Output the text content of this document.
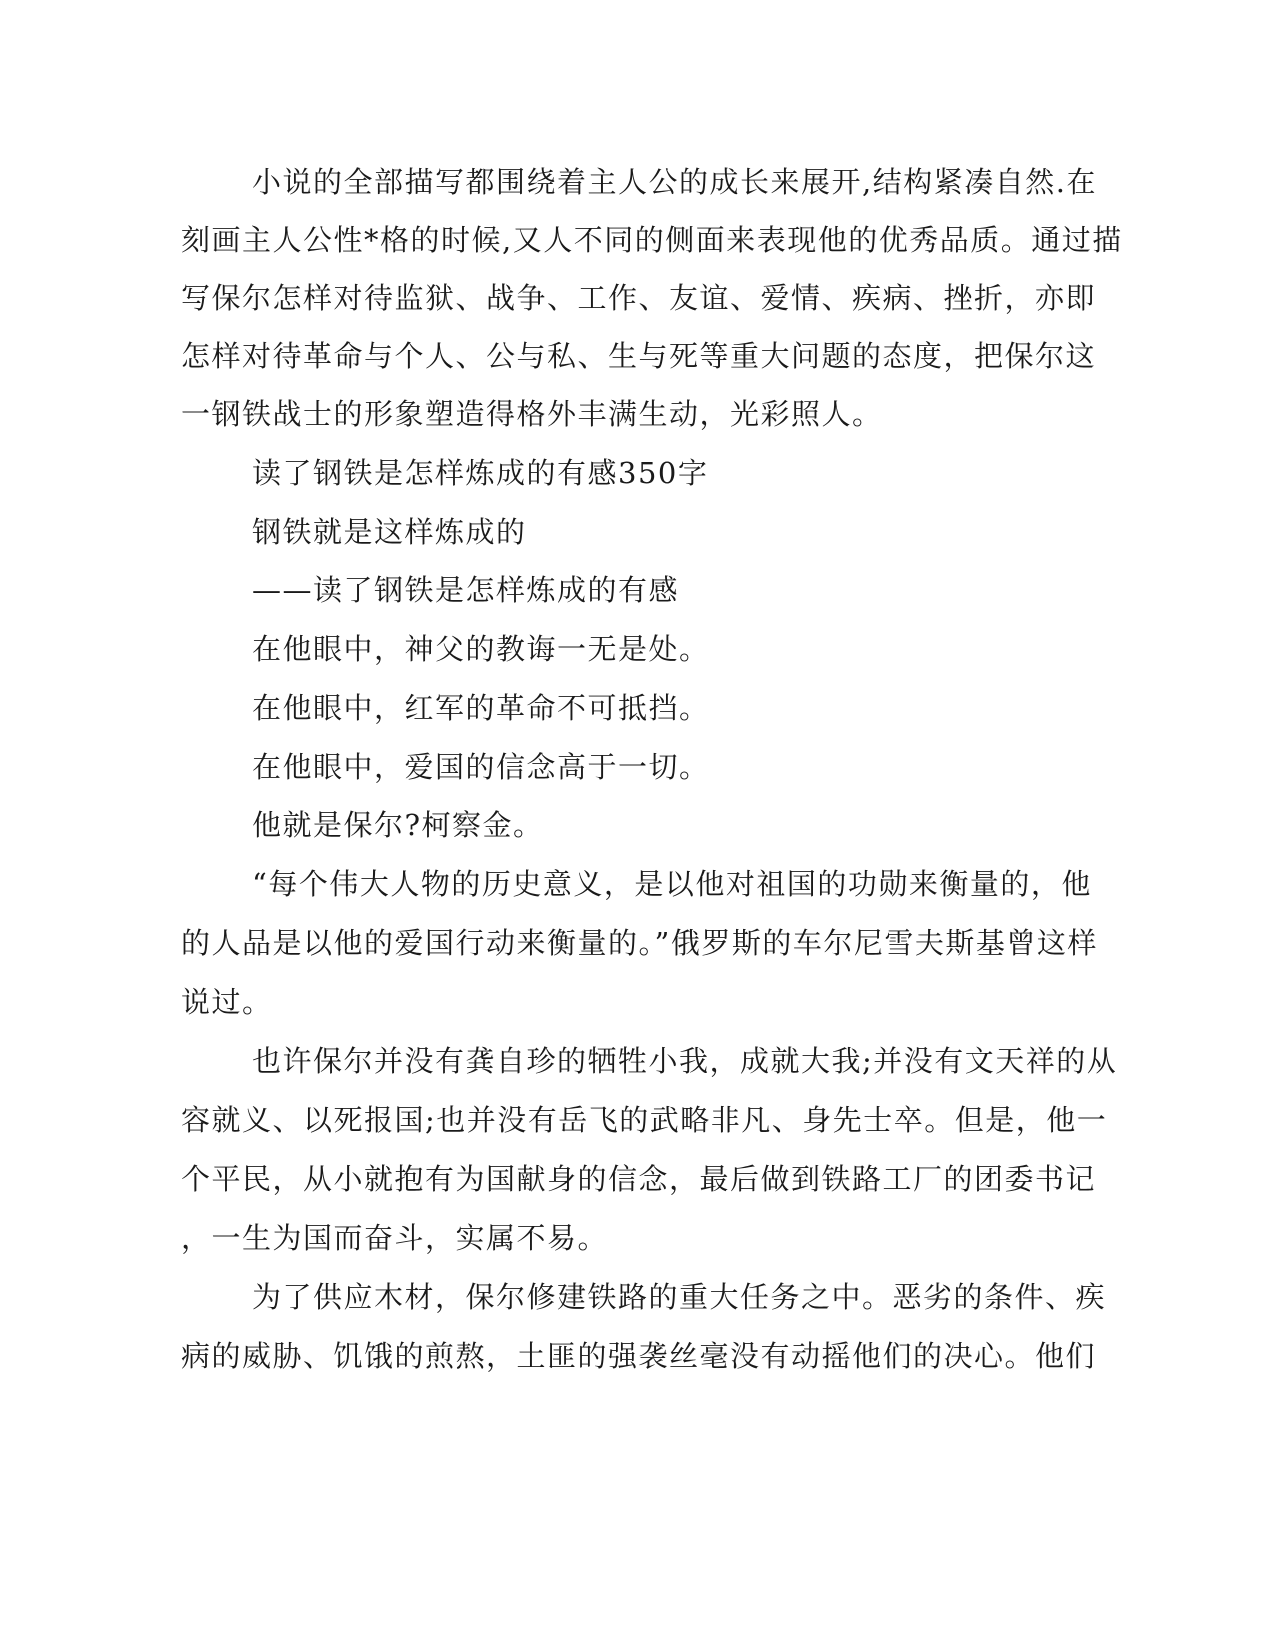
小说的全部描写都围绕着主人公的成长来展开,结构紧凑自然.在

刻画主人公性*格的时候,又人不同的侧面来表现他的优秀品质。通过描

写保尔怎样对待监狱、战争、工作、友谊、爱情、疾病、挫折，亦即

怎样对待革命与个人、公与私、生与死等重大问题的态度，把保尔这

一钢铁战士的形象塑造得格外丰满生动，光彩照人。

读了钢铁是怎样炼成的有感350字

钢铁就是这样炼成的

——读了钢铁是怎样炼成的有感

在他眼中，神父的教诲一无是处。

在他眼中，红军的革命不可抵挡。

在他眼中，爱国的信念高于一切。

他就是保尔?柯察金。

“每个伟大人物的历史意义，是以他对祖国的功勋来衡量的，他

的人品是以他的爱国行动来衡量的。”俄罗斯的车尔尼雪夫斯基曾这样

说过。

也许保尔并没有龚自珍的牺牲小我，成就大我;并没有文天祥的从

容就义、以死报国;也并没有岳飞的武略非凡、身先士卒。但是，他一

个平民，从小就抱有为国献身的信念，最后做到铁路工厂的团委书记

，一生为国而奋斗，实属不易。

为了供应木材，保尔修建铁路的重大任务之中。恶劣的条件、疾

病的威胁、饥饿的煎熬，土匪的强袭丝毫没有动摇他们的决心。他们
